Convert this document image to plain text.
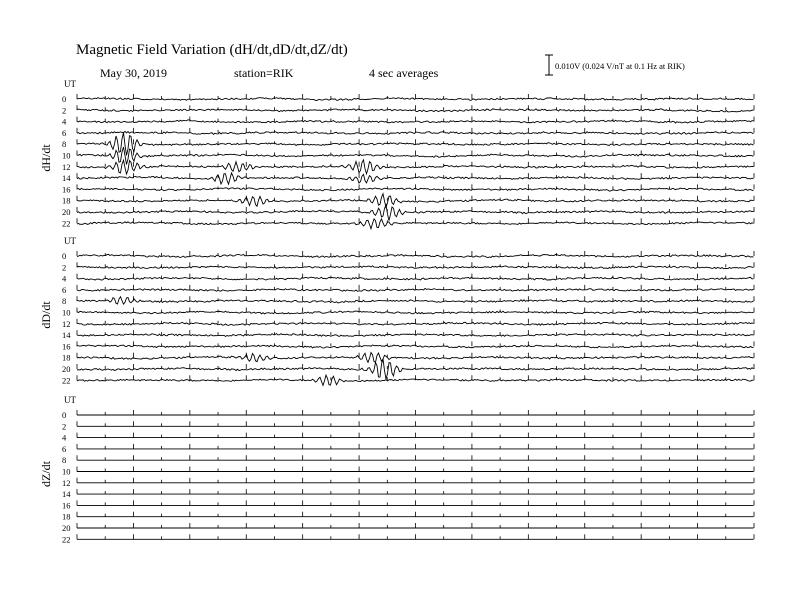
Magnetic Field Variation (dH/dt,dD/dt,dZ/dt)
May 30, 2019	station=RIK	4 sec averages	0.010V (0.024 V/nT at 0.1 Hz at RIK)
UT
dH/dt
0
2
4
6
8
10
12
14
16
18
20
22
UT
dD/dt
0
2
4
6
8
10
12
14
16
18
20
22
UT
dZ/dt
0
2
4
6
8
10
12
14
16
18
20
22
